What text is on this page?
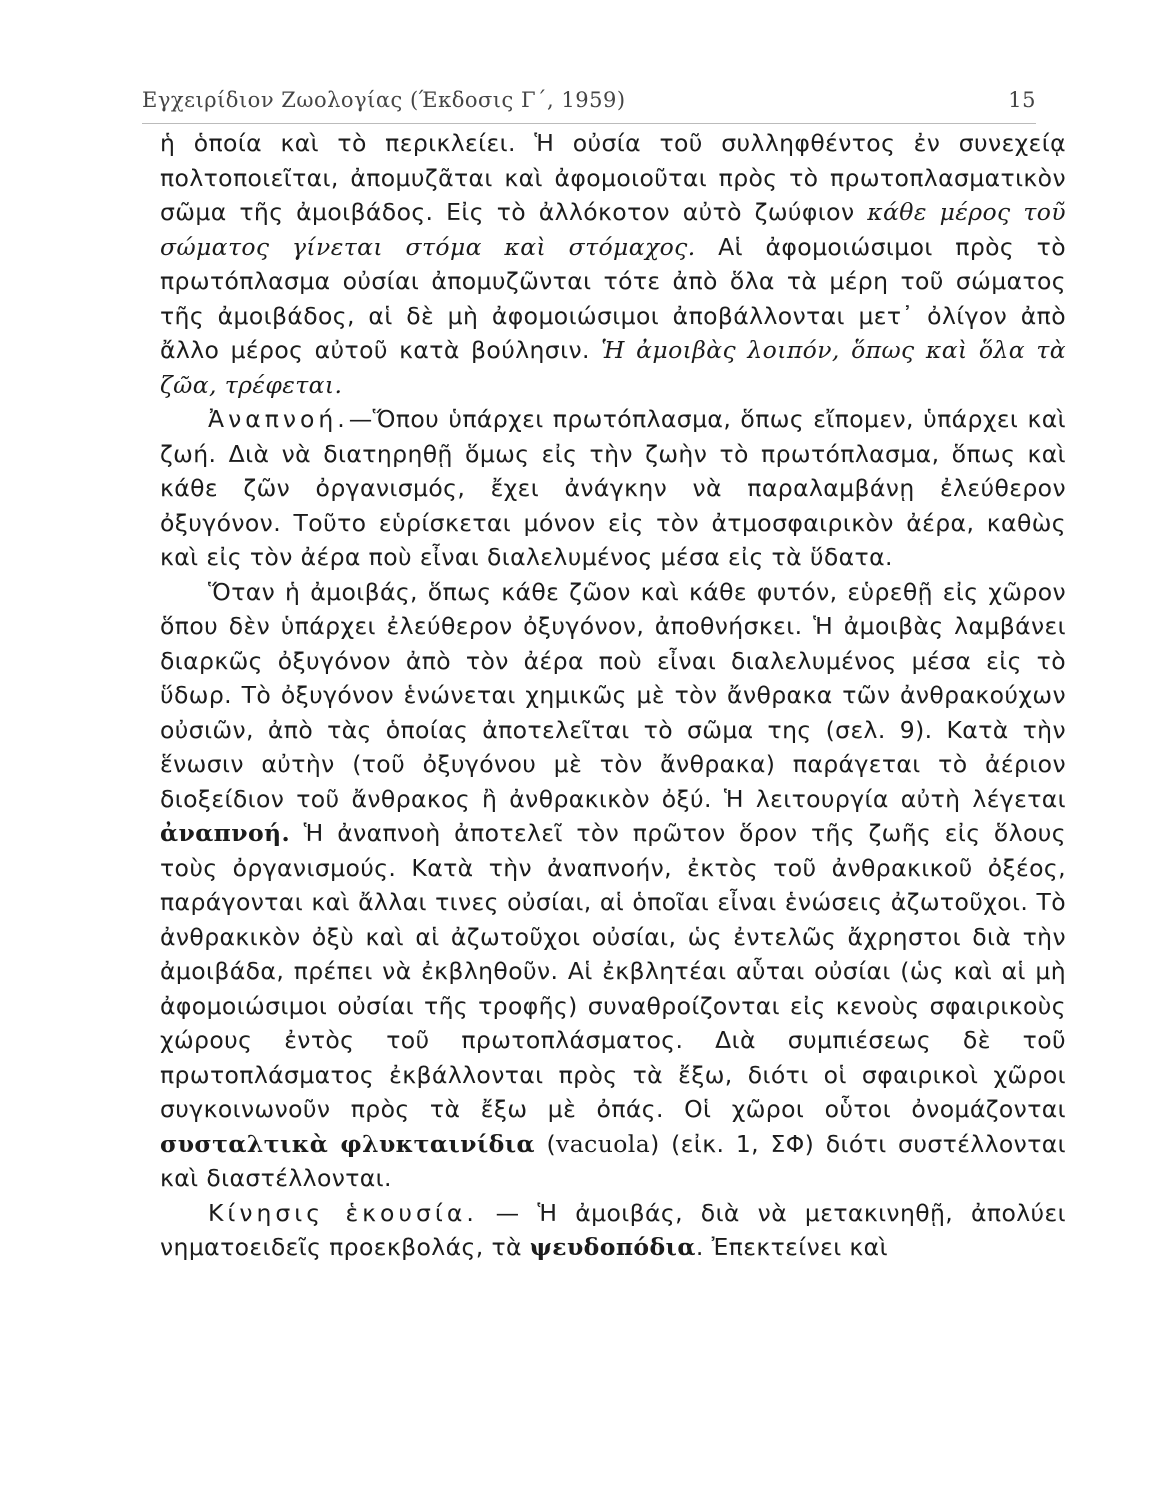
Εγχειρίδιον Ζωολογίας (Έκδοσις Γ΄, 1959)	15

ἡ ὁποία καὶ τὸ περικλείει. Ἡ οὐσία τοῦ συλληφθέντος ἐν συνεχείᾳ πολτοποιεῖται, ἀπομυζᾶται καὶ ἀφομοιοῦται πρὸς τὸ πρωτοπλασματικὸν σῶμα τῆς ἀμοιβάδος. Εἰς τὸ ἀλλόκοτον αὐτὸ ζωύφιον κάθε μέρος τοῦ σώματος γίνεται στόμα καὶ στόμαχος. Αἱ ἀφομοιώσιμοι πρὸς τὸ πρωτόπλασμα οὐσίαι ἀπομυζῶνται τότε ἀπὸ ὅλα τὰ μέρη τοῦ σώματος τῆς ἀμοιβάδος, αἱ δὲ μὴ ἀφομοιώσιμοι ἀποβάλλονται μετ᾽ ὀλίγον ἀπὸ ἄλλο μέρος αὐτοῦ κατὰ βούλησιν. Ἡ ἀμοιβὰς λοιπόν, ὅπως καὶ ὅλα τὰ ζῶα, τρέφεται.

Ἀναπνοή.—Ὅπου ὑπάρχει πρωτόπλασμα, ὅπως εἴπομεν, ὑπάρχει καὶ ζωή. Διὰ νὰ διατηρηθῇ ὅμως εἰς τὴν ζωὴν τὸ πρωτόπλασμα, ὅπως καὶ κάθε ζῶν ὀργανισμός, ἔχει ἀνάγκην νὰ παραλαμβάνῃ ἐλεύθερον ὀξυγόνον. Τοῦτο εὑρίσκεται μόνον εἰς τὸν ἀτμοσφαιρικὸν ἀέρα, καθὼς καὶ εἰς τὸν ἀέρα ποὺ εἶναι διαλελυμένος μέσα εἰς τὰ ὕδατα.

Ὅταν ἡ ἀμοιβάς, ὅπως κάθε ζῶον καὶ κάθε φυτόν, εὑρεθῇ εἰς χῶρον ὅπου δὲν ὑπάρχει ἐλεύθερον ὀξυγόνον, ἀποθνήσκει. Ἡ ἀμοιβὰς λαμβάνει διαρκῶς ὀξυγόνον ἀπὸ τὸν ἀέρα ποὺ εἶναι διαλελυμένος μέσα εἰς τὸ ὕδωρ. Τὸ ὀξυγόνον ἑνώνεται χημικῶς μὲ τὸν ἄνθρακα τῶν ἀνθρακούχων οὐσιῶν, ἀπὸ τὰς ὁποίας ἀποτελεῖται τὸ σῶμα της (σελ. 9). Κατὰ τὴν ἕνωσιν αὐτὴν (τοῦ ὀξυγόνου μὲ τὸν ἄνθρακα) παράγεται τὸ ἀέριον διοξείδιον τοῦ ἄνθρακος ἢ ἀνθρακικὸν ὀξύ. Ἡ λειτουργία αὐτὴ λέγεται ἀναπνοή. Ἡ ἀναπνοὴ ἀποτελεῖ τὸν πρῶτον ὅρον τῆς ζωῆς εἰς ὅλους τοὺς ὀργανισμούς. Κατὰ τὴν ἀναπνοήν, ἐκτὸς τοῦ ἀνθρακικοῦ ὀξέος, παράγονται καὶ ἄλλαι τινες οὐσίαι, αἱ ὁποῖαι εἶναι ἑνώσεις ἀζωτοῦχοι. Τὸ ἀνθρακικὸν ὀξὺ καὶ αἱ ἀζωτοῦχοι οὐσίαι, ὡς ἐντελῶς ἄχρηστοι διὰ τὴν ἀμοιβάδα, πρέπει νὰ ἐκβληθοῦν. Αἱ ἐκβλητέαι αὗται οὐσίαι (ὡς καὶ αἱ μὴ ἀφομοιώσιμοι οὐσίαι τῆς τροφῆς) συναθροίζονται εἰς κενοὺς σφαιρικοὺς χώρους ἐντὸς τοῦ πρωτοπλάσματος. Διὰ συμπιέσεως δὲ τοῦ πρωτοπλάσματος ἐκβάλλονται πρὸς τὰ ἔξω, διότι οἱ σφαιρικοὶ χῶροι συγκοινωνοῦν πρὸς τὰ ἔξω μὲ ὀπάς. Οἱ χῶροι οὗτοι ὀνομάζονται συσταλτικὰ φλυκταινίδια (vacuola) (εἰκ. 1, ΣΦ) διότι συστέλλονται καὶ διαστέλλονται.

Κίνησις ἑκουσία. — Ἡ ἀμοιβάς, διὰ νὰ μετακινηθῇ, ἀπολύει νηματοειδεῖς προεκβολάς, τὰ ψευδοπόδια. Ἐπεκτείνει καὶ
